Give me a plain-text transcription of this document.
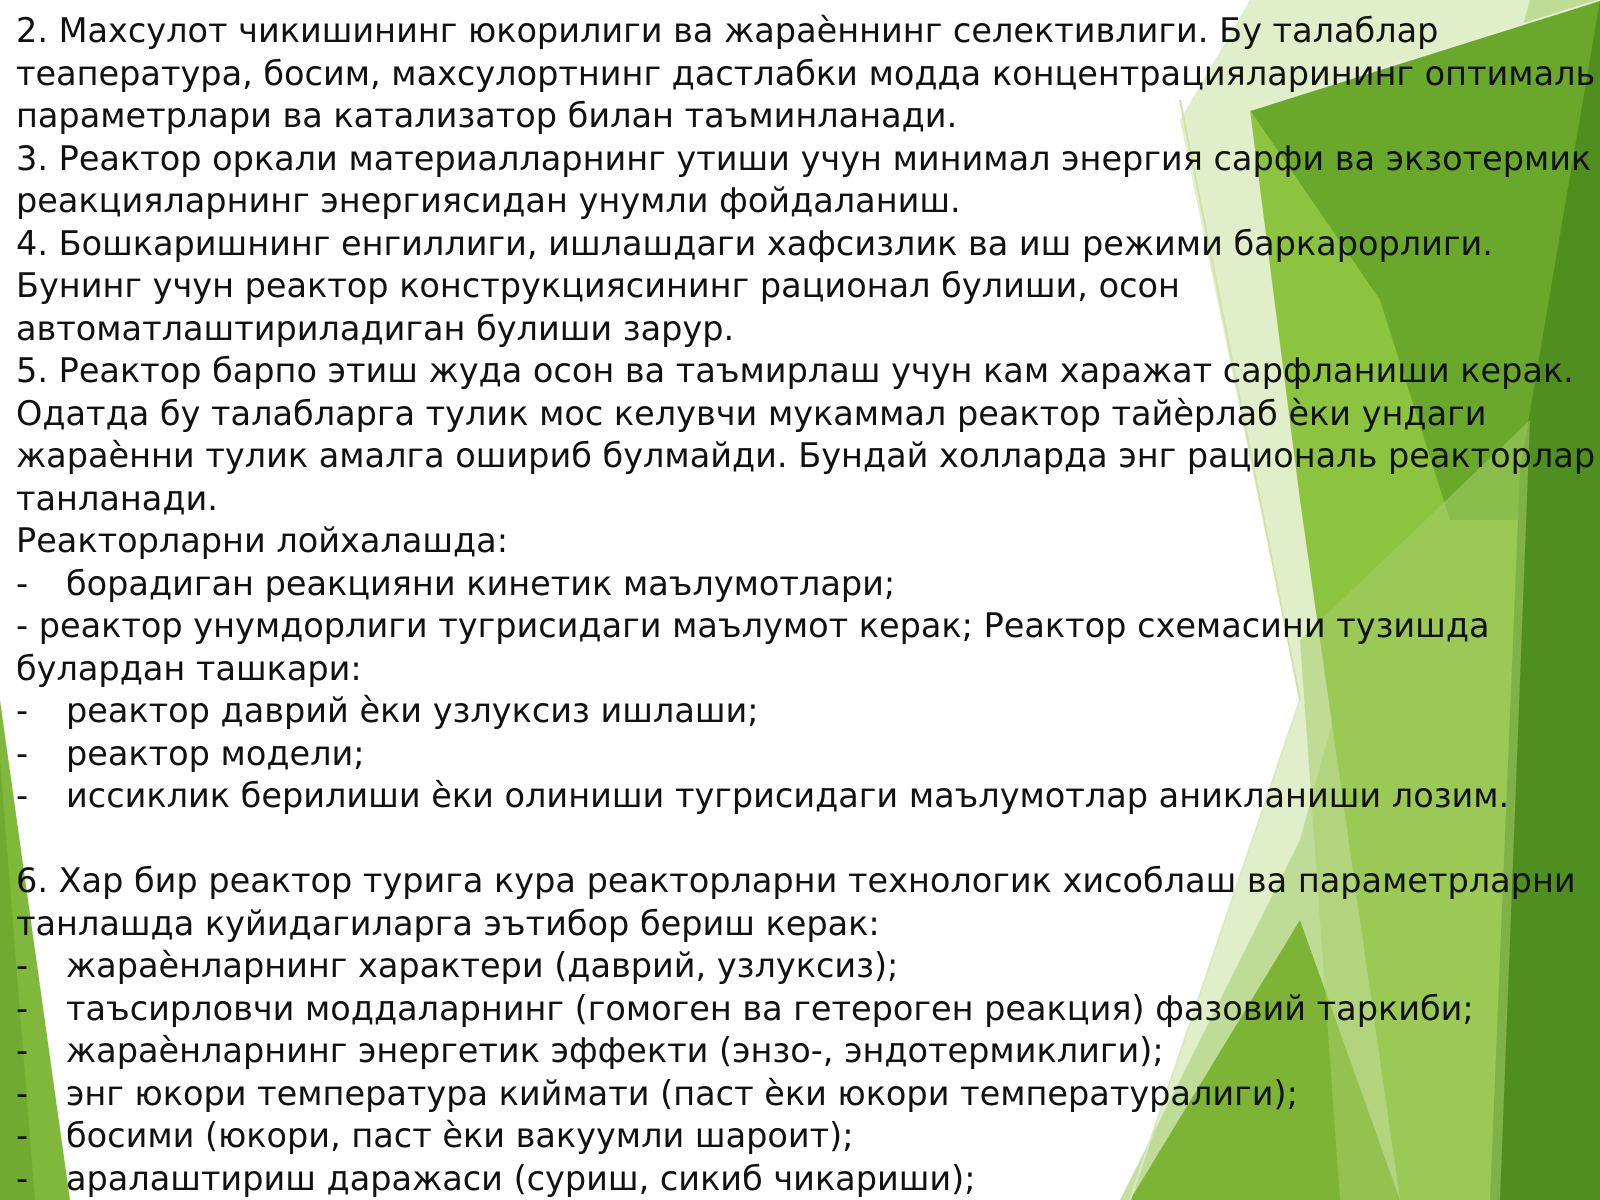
2. Махсулот чикишининг юкорилиги ва жараѐннинг селективлиги. Бу талаблар
теапература, босим, махсулортнинг дастлабки модда концентрацияларининг оптималь
параметрлари ва катализатор билан таъминланади.
3. Реактор оркали материалларнинг утиши учун минимал энергия сарфи ва экзотермик
реакцияларнинг энергиясидан унумли фойдаланиш.
4. Бошкаришнинг енгиллиги, ишлашдаги хафсизлик ва иш режими баркарорлиги.
Бунинг учун реактор конструкциясининг рационал булиши, осон
автоматлаштириладиган булиши зарур.
5. Реактор барпо этиш жуда осон ва таъмирлаш учун кам харажат сарфланиши керак.
Одатда бу талабларга тулик мос келувчи мукаммал реактор тайѐрлаб ѐки ундаги
жараѐнни тулик амалга ошириб булмайди. Бундай холларда энг рациональ реакторлар
танланади.
Реакторларни лойхалашда:
- борадиган реакцияни кинетик маълумотлари;
- реактор унумдорлиги тугрисидаги маълумот керак; Реактор схемасини тузишда
булардан ташкари:
- реактор даврий ѐки узлуксиз ишлаши;
- реактор модели;
- иссиклик берилиши ѐки олиниши тугрисидаги маълумотлар аникланиши лозим.
6. Хар бир реактор турига кура реакторларни технологик хисоблаш ва параметрларни
танлашда куйидагиларга эътибор бериш керак:
- жараѐнларнинг характери (даврий, узлуксиз);
- таъсирловчи моддаларнинг (гомоген ва гетероген реакция) фазовий таркиби;
- жараѐнларнинг энергетик эффекти (энзо-, эндотермиклиги);
- энг юкори температура киймати (паст ѐки юкори температуралиги);
- босими (юкори, паст ѐки вакуумли шароит);
- аралаштириш даражаси (суриш, сикиб чикариши);
